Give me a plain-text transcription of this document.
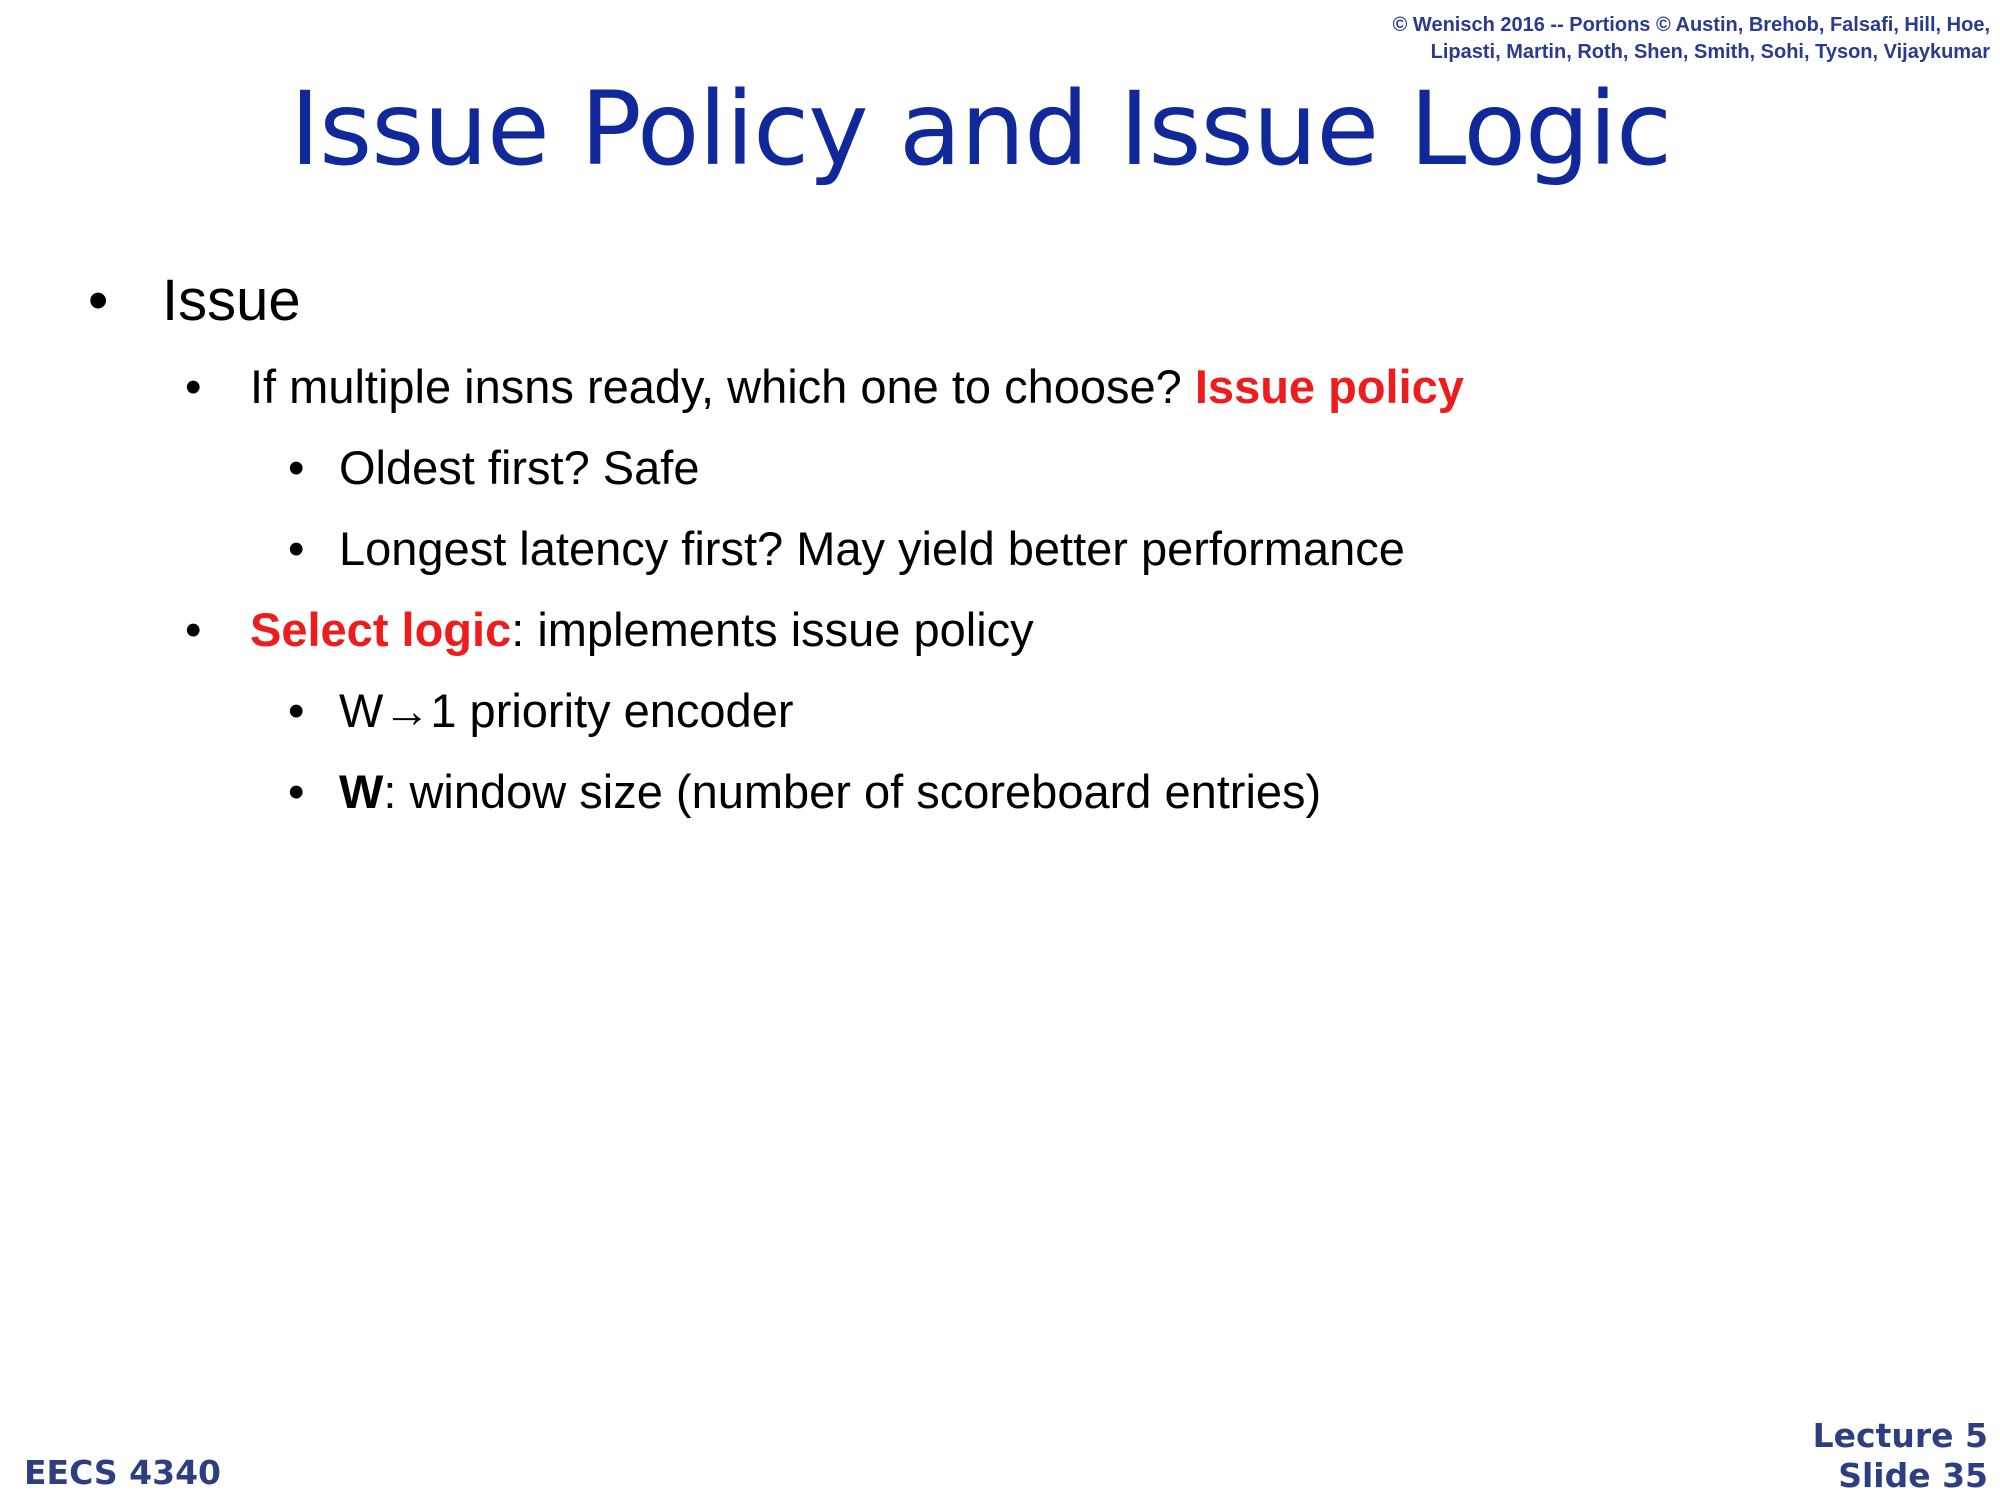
© Wenisch 2016 -- Portions © Austin, Brehob, Falsafi, Hill, Hoe,
Lipasti, Martin, Roth, Shen, Smith, Sohi, Tyson, Vijaykumar
Issue Policy and Issue Logic
• Issue
• If multiple insns ready, which one to choose? Issue policy
• Oldest first? Safe
• Longest latency first? May yield better performance
• Select logic: implements issue policy
• W→1 priority encoder
• W: window size (number of scoreboard entries)
EECS 4340
Lecture 5
Slide 35
